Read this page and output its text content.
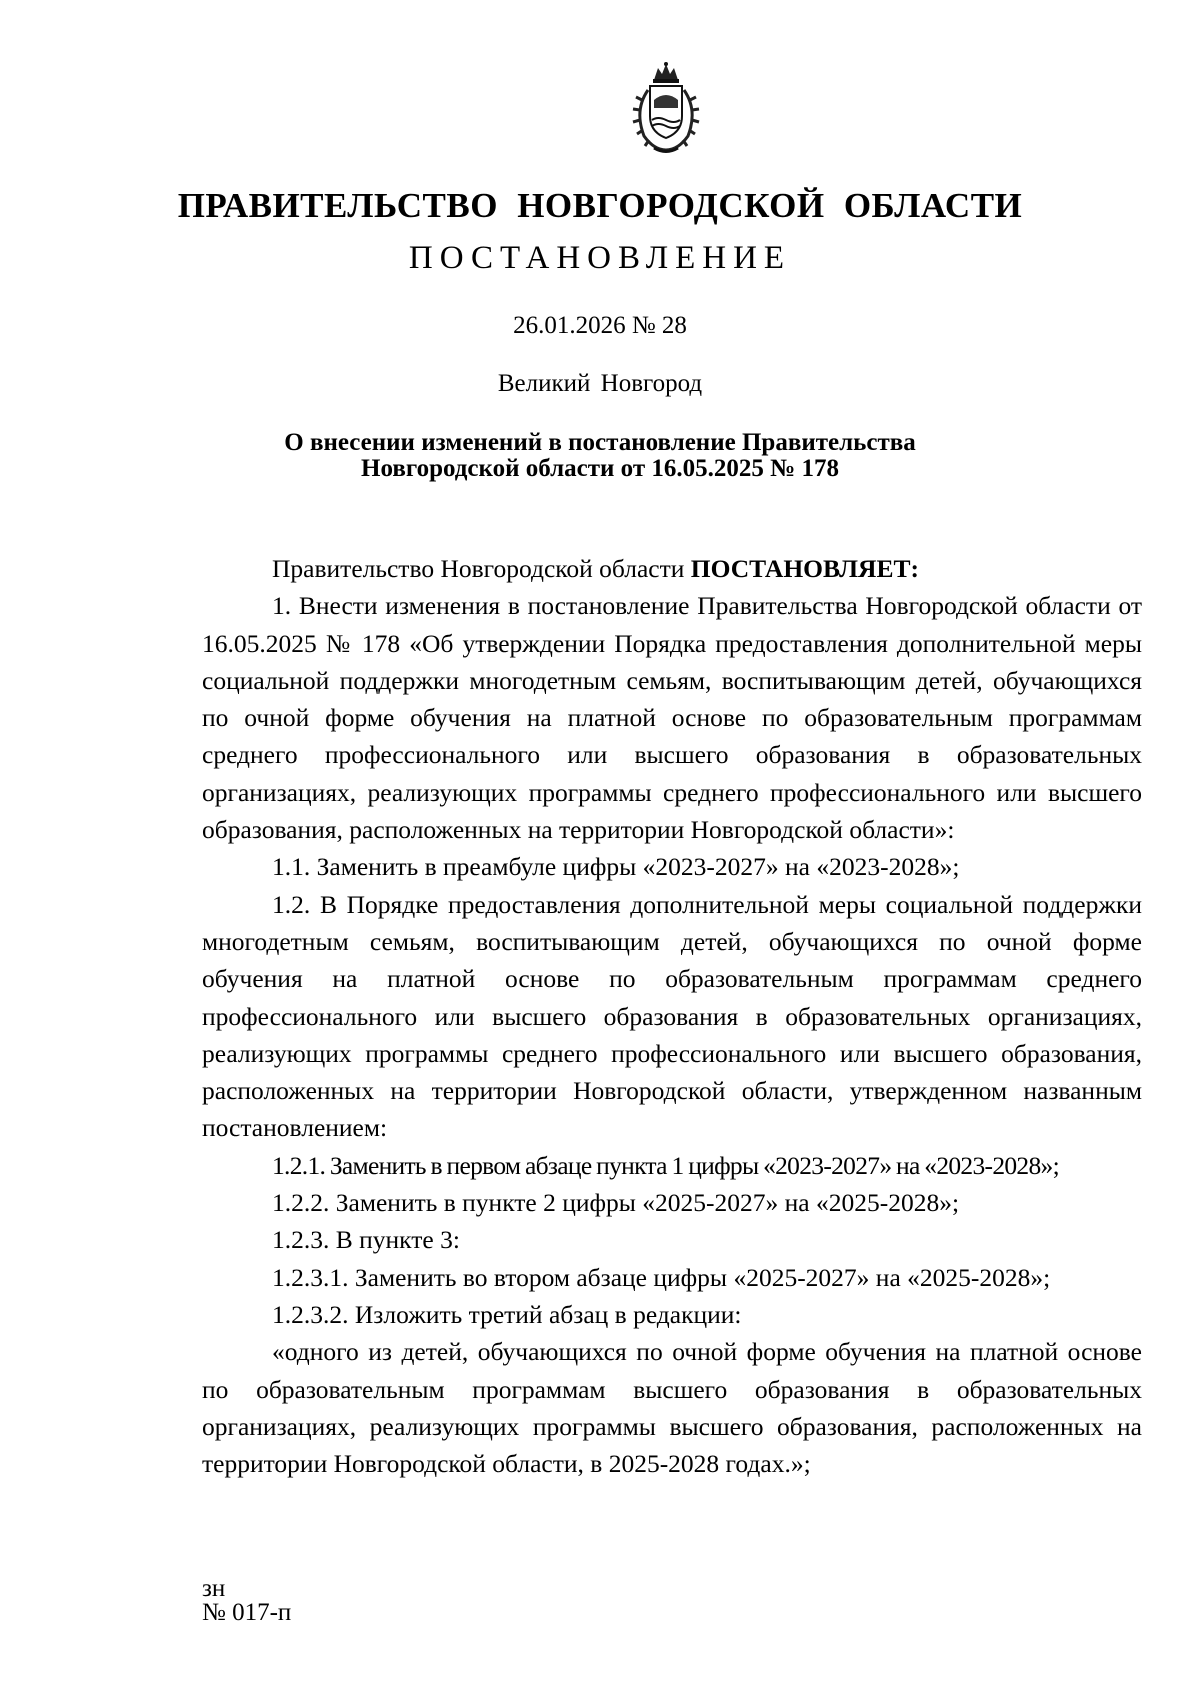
ПРАВИТЕЛЬСТВО НОВГОРОДСКОЙ ОБЛАСТИ
ПОСТАНОВЛЕНИЕ
26.01.2026 № 28
Великий Новгород
О внесении изменений в постановление Правительства
Новгородской области от 16.05.2025 № 178

Правительство Новгородской области ПОСТАНОВЛЯЕТ:

1. Внести изменения в постановление Правительства Новгородской области от 16.05.2025 № 178 «Об утверждении Порядка предоставления дополнительной меры социальной поддержки многодетным семьям, воспитывающим детей, обучающихся по очной форме обучения на платной основе по образовательным программам среднего профессионального или высшего образования в образовательных организациях, реализующих программы среднего профессионального или высшего образования, расположенных на территории Новгородской области»:

1.1. Заменить в преамбуле цифры «2023-2027» на «2023-2028»;

1.2. В Порядке предоставления дополнительной меры социальной поддержки многодетным семьям, воспитывающим детей, обучающихся по очной форме обучения на платной основе по образовательным программам среднего профессионального или высшего образования в образовательных организациях, реализующих программы среднего профессионального или высшего образования, расположенных на территории Новгородской области, утвержденном названным постановлением:

1.2.1. Заменить в первом абзаце пункта 1 цифры «2023-2027» на «2023-2028»;

1.2.2. Заменить в пункте 2 цифры «2025-2027» на «2025-2028»;

1.2.3. В пункте 3:

1.2.3.1. Заменить во втором абзаце цифры «2025-2027» на «2025-2028»;

1.2.3.2. Изложить третий абзац в редакции:

«одного из детей, обучающихся по очной форме обучения на платной основе по образовательным программам высшего образования в образовательных организациях, реализующих программы высшего образования, расположенных на территории Новгородской области, в 2025-2028 годах.»;

зн
№ 017-п
